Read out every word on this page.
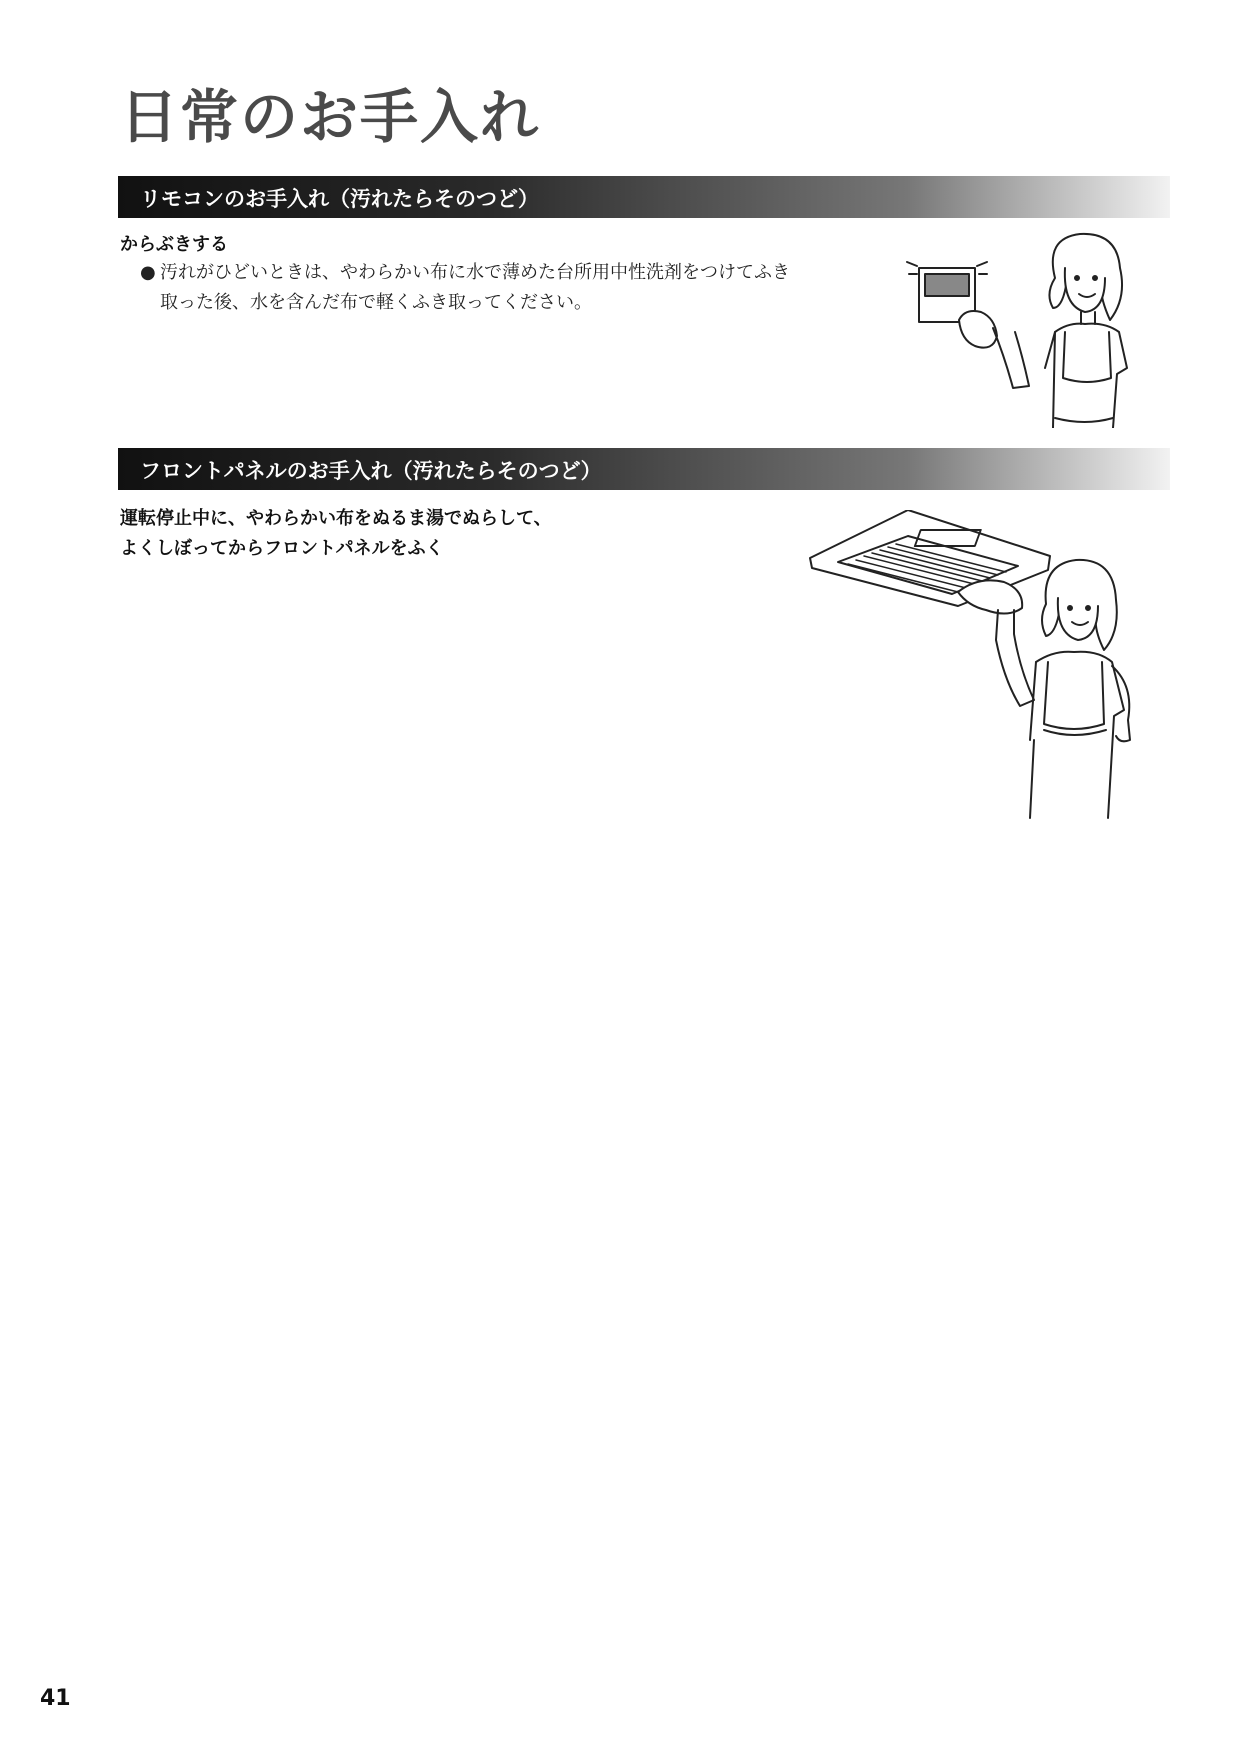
日常のお手入れ
リモコンのお手入れ（汚れたらそのつど）
からぶきする
● 汚れがひどいときは、やわらかい布に水で薄めた台所用中性洗剤をつけてふき
取った後、水を含んだ布で軽くふき取ってください。
フロントパネルのお手入れ（汚れたらそのつど）
運転停止中に、やわらかい布をぬるま湯でぬらして、
よくしぼってからフロントパネルをふく
41
